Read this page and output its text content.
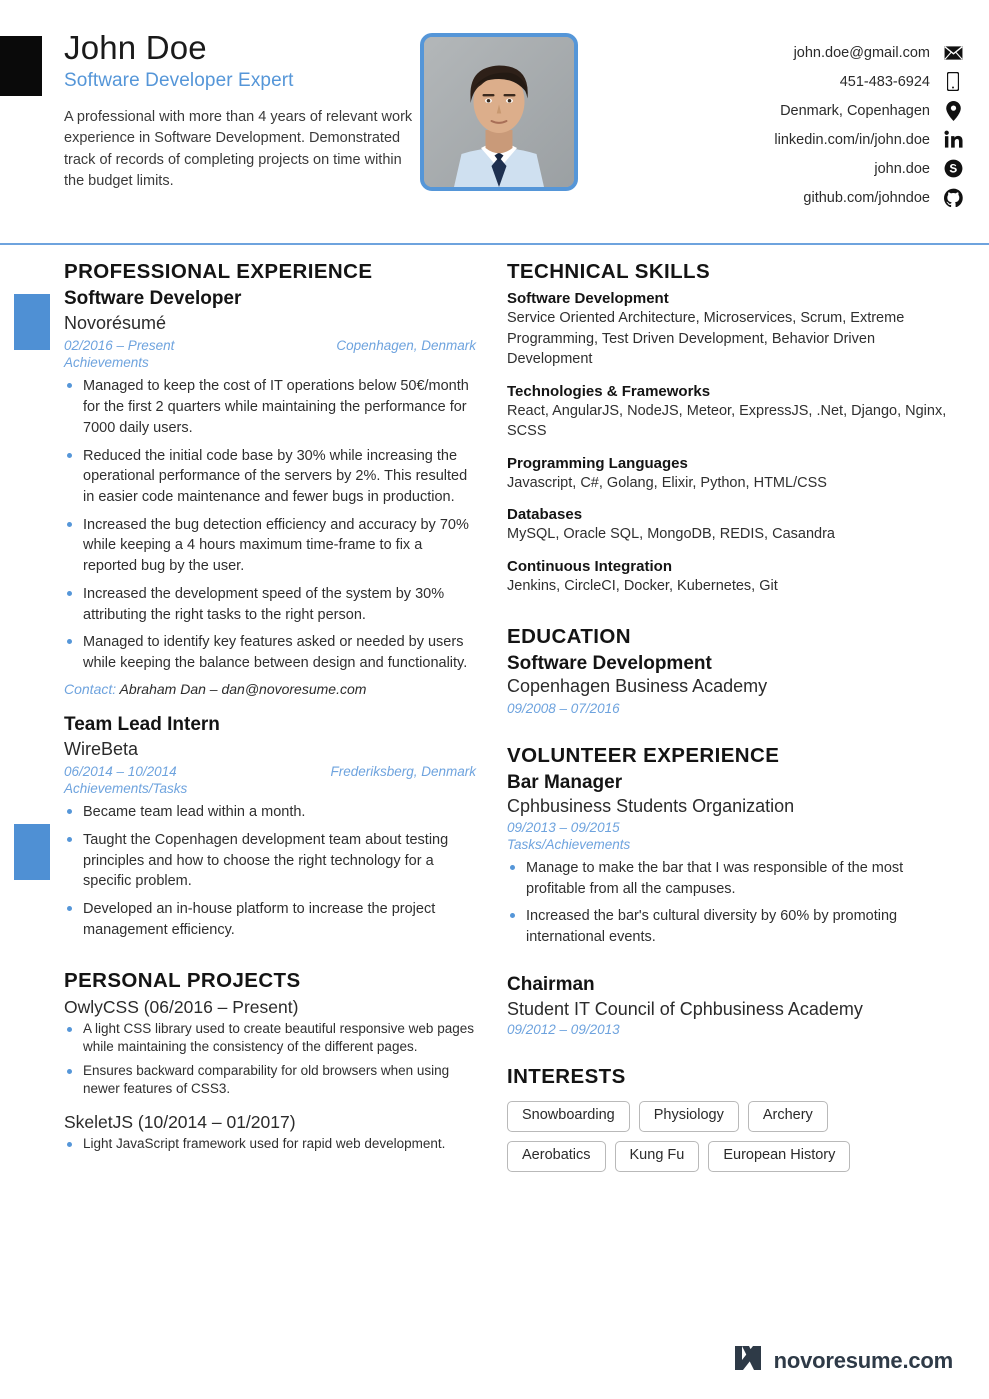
John Doe
Software Developer Expert
A professional with more than 4 years of relevant work experience in Software Development. Demonstrated track of records of completing projects on time within the budget limits.
john.doe@gmail.com
451-483-6924
Denmark, Copenhagen
linkedin.com/in/john.doe
john.doe
github.com/johndoe
PROFESSIONAL EXPERIENCE
Software Developer
Novorésumé
02/2016 – Present	Copenhagen, Denmark
Achievements
Managed to keep the cost of IT operations below 50€/month for the first 2 quarters while maintaining the performance for 7000 daily users.
Reduced the initial code base by 30% while increasing the operational performance of the servers by 2%. This resulted in easier code maintenance and fewer bugs in production.
Increased the bug detection efficiency and accuracy by 70% while keeping a 4 hours maximum time-frame to fix a reported bug by the user.
Increased the development speed of the system by 30% attributing the right tasks to the right person.
Managed to identify key features asked or needed by users while keeping the balance between design and functionality.
Contact: Abraham Dan – dan@novoresume.com
Team Lead Intern
WireBeta
06/2014 – 10/2014	Frederiksberg, Denmark
Achievements/Tasks
Became team lead within a month.
Taught the Copenhagen development team about testing principles and how to choose the right technology for a specific problem.
Developed an in-house platform to increase the project management efficiency.
PERSONAL PROJECTS
OwlyCSS (06/2016 – Present)
A light CSS library used to create beautiful responsive web pages while maintaining the consistency of the different pages.
Ensures backward comparability for old browsers when using newer features of CSS3.
SkeletJS (10/2014 – 01/2017)
Light JavaScript framework used for rapid web development.
TECHNICAL SKILLS
Software Development
Service Oriented Architecture, Microservices, Scrum, Extreme Programming, Test Driven Development, Behavior Driven Development
Technologies & Frameworks
React, AngularJS, NodeJS, Meteor, ExpressJS, .Net, Django, Nginx, SCSS
Programming Languages
Javascript, C#, Golang, Elixir, Python, HTML/CSS
Databases
MySQL, Oracle SQL, MongoDB, REDIS, Casandra
Continuous Integration
Jenkins, CircleCI, Docker, Kubernetes, Git
EDUCATION
Software Development
Copenhagen Business Academy
09/2008 – 07/2016
VOLUNTEER EXPERIENCE
Bar Manager
Cphbusiness Students Organization
09/2013 – 09/2015
Tasks/Achievements
Manage to make the bar that I was responsible of the most profitable from all the campuses.
Increased the bar's cultural diversity by 60% by promoting international events.
Chairman
Student IT Council of Cphbusiness Academy
09/2012 – 09/2013
INTERESTS
Snowboarding	Physiology	Archery
Aerobatics	Kung Fu	European History
novoresume.com
